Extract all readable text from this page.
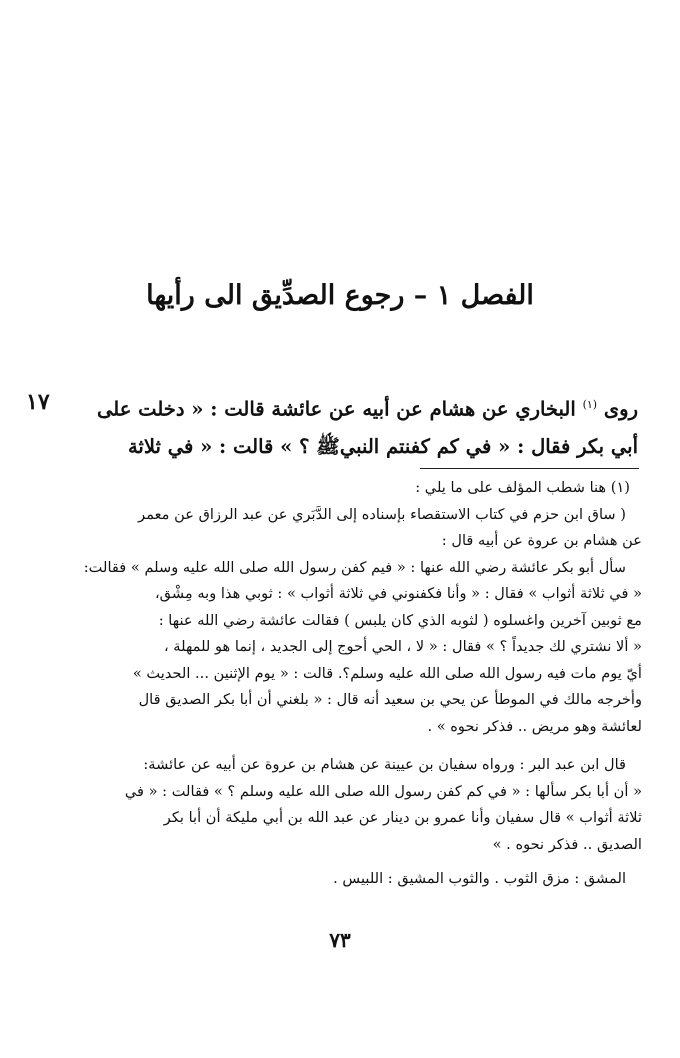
الفصل ١ – رجوع الصدِّيق الى رأيها
١٧	روى $^{(١)}$ البخاري عن هشام عن أبيه عن عائشة قالت : « دخلت على

أبي بكر فقال : « في كم كفنتم النبيﷺ ؟ » قالت : « في ثلاثة

(١) هنا شطب المؤلف على ما يلي :

( ساق ابن حزم في كتاب الاستقصاء بإسناده إلى الدَّبَري عن عبد الرزاق عن معمر

عن هشام بن عروة عن أبيه قال :

سأل أبو بكر عائشة رضي الله عنها : « فيم كفن رسول الله صلى الله عليه وسلم » فقالت:

« في ثلاثة أثواب » فقال : « وأنا فكفنوني في ثلاثة أثواب » : ثوبي هذا وبه مِشْق،

مع ثوبين آخرين واغسلوه ( لثوبه الذي كان يلبس ) فقالت عائشة رضي الله عنها :

« ألا نشتري لك جديداً ؟ » فقال : « لا ، الحي أحوج إلى الجديد ، إنما هو للمهلة ،

أيّ يوم مات فيه رسول الله صلى الله عليه وسلم؟. قالت : « يوم الإثنين ... الحديث »

وأخرجه مالك في الموطأ عن يحي بن سعيد أنه قال : « بلغني أن أبا بكر الصديق قال

لعائشة وهو مريض .. فذكر نحوه » .

قال ابن عبد البر : ورواه سفيان بن عيينة عن هشام بن عروة عن أبيه عن عائشة:

« أن أبا بكر سألها : « في كم كفن رسول الله صلى الله عليه وسلم ؟ » فقالت : « في

ثلاثة أثواب » قال سفيان وأنا عمرو بن دينار عن عبد الله بن أبي مليكة أن أبا بكر

الصديق .. فذكر نحوه . »

المشق : مزق الثوب . والثوب المشيق : اللبيس .

٧٣
